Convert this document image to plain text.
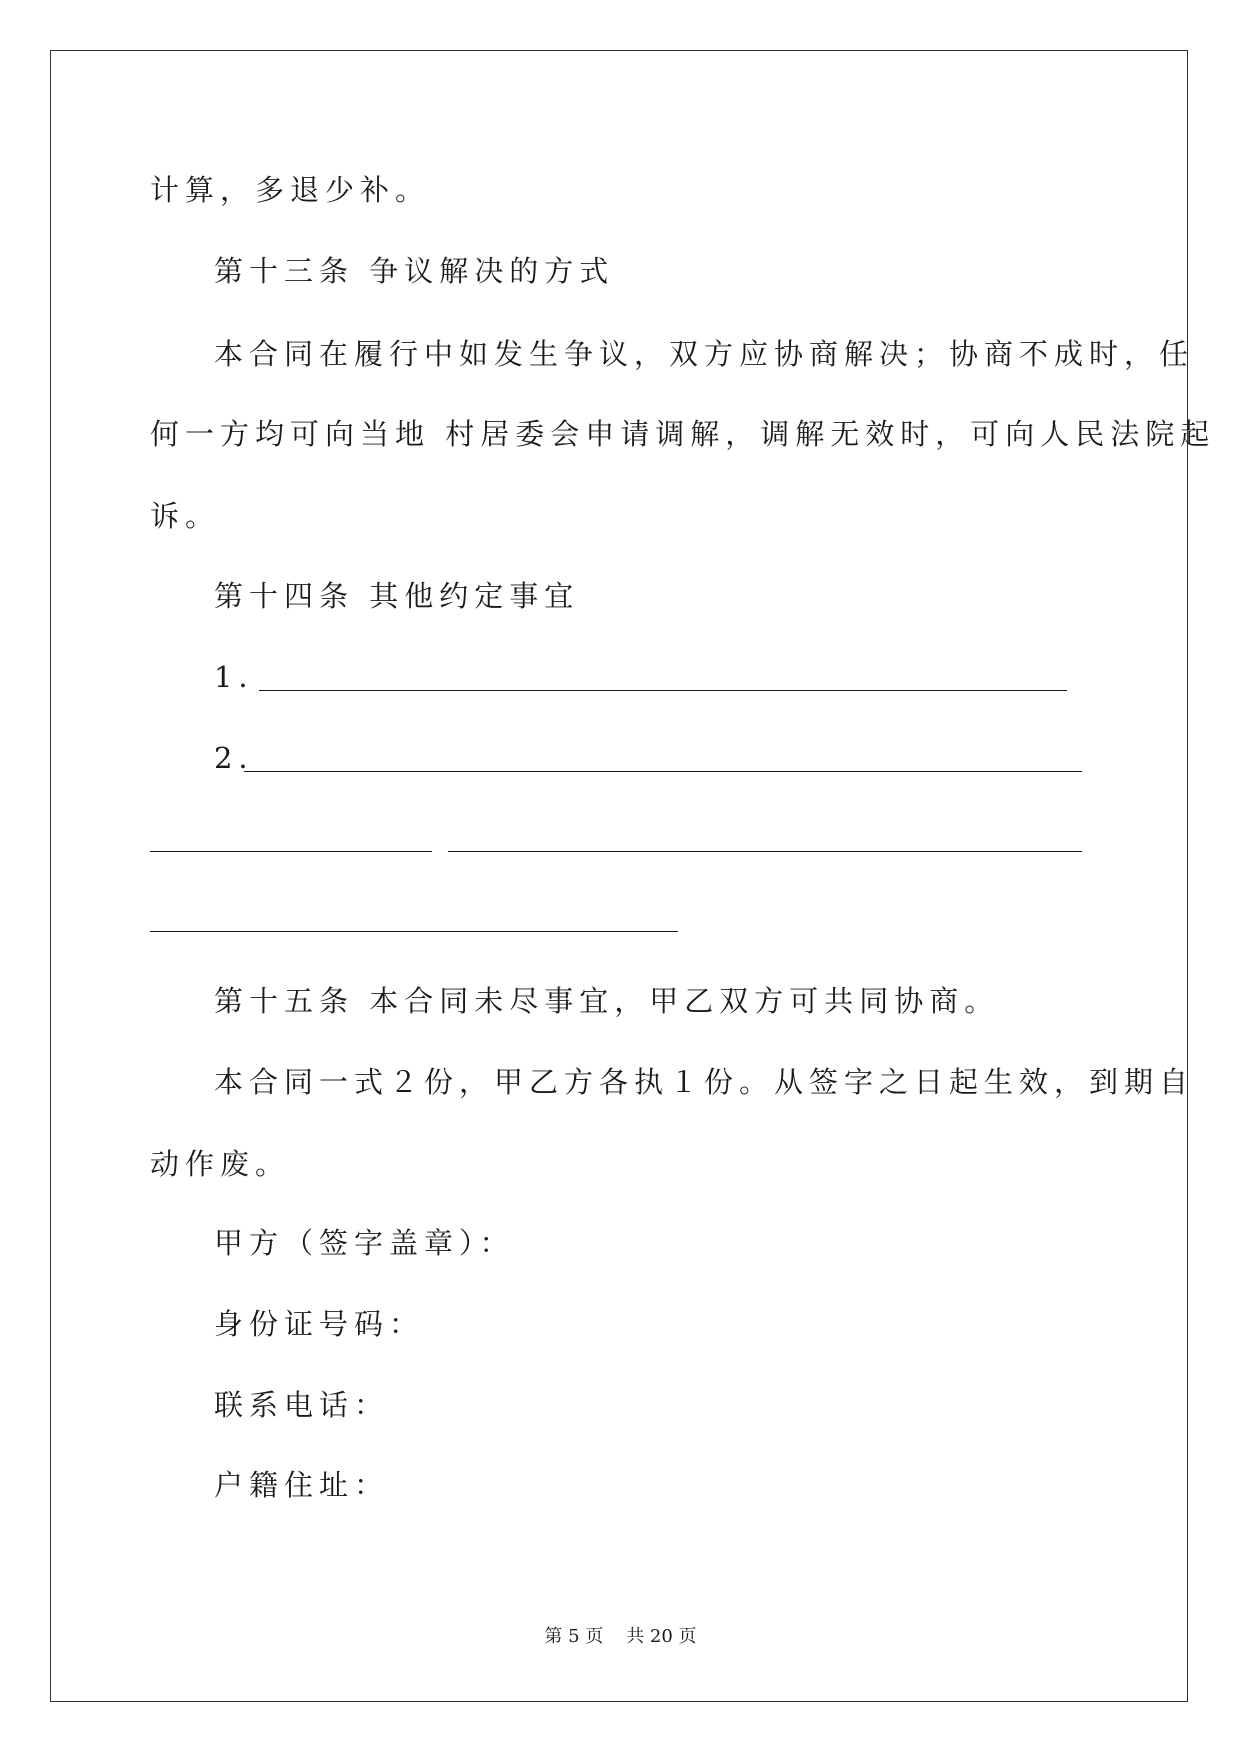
计算，多退少补。
第十三条 争议解决的方式
本合同在履行中如发生争议，双方应协商解决；协商不成时，任
何一方均可向当地 村居委会申请调解，调解无效时，可向人民法院起
诉。
第十四条 其他约定事宜
1．
2．
第十五条 本合同未尽事宜，甲乙双方可共同协商。
本合同一式２份，甲乙方各执１份。从签字之日起生效，到期自
动作废。
甲方（签字盖章）：
身份证号码：
联系电话：
户籍住址：
第 5 页    共 20 页
